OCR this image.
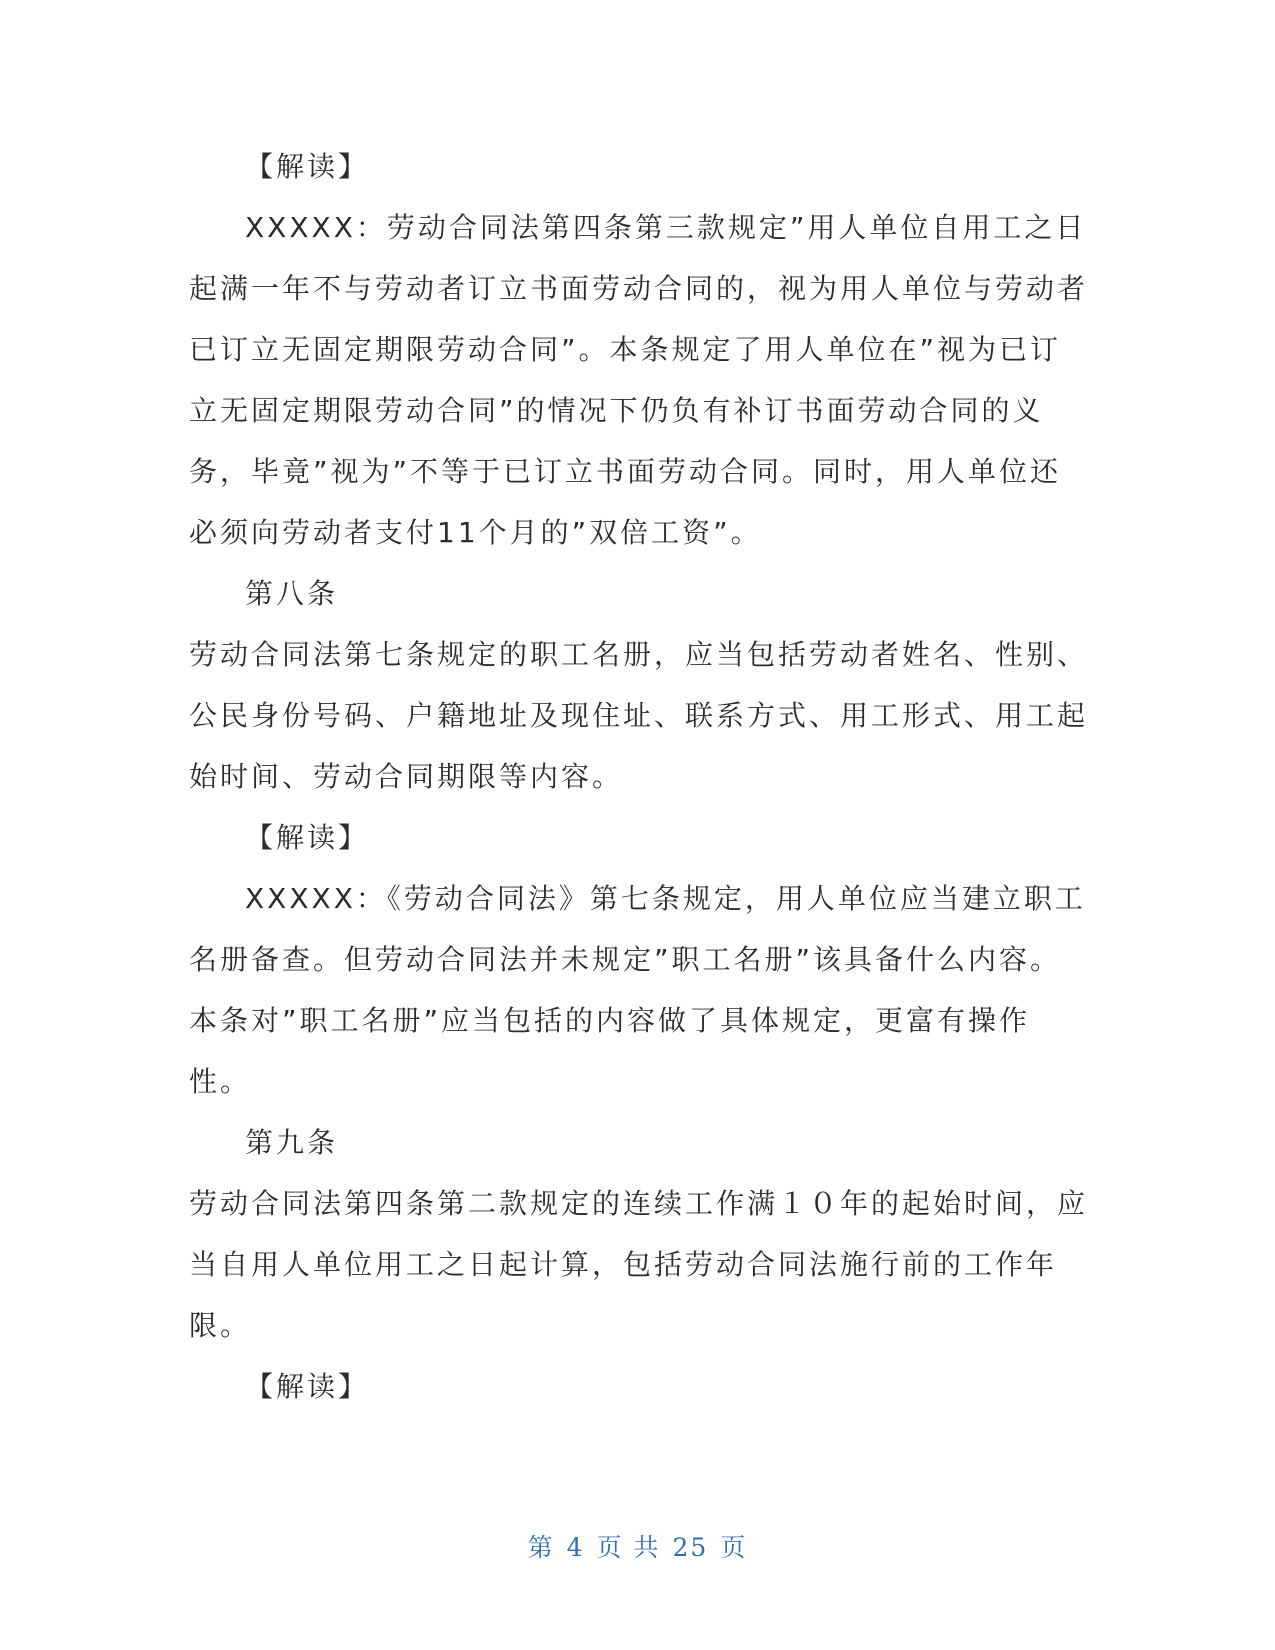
【解读】

XXXXX：劳动合同法第四条第三款规定”用人单位自用工之日起满一年不与劳动者订立书面劳动合同的，视为用人单位与劳动者已订立无固定期限劳动合同”。本条规定了用人单位在”视为已订立无固定期限劳动合同”的情况下仍负有补订书面劳动合同的义务，毕竟”视为”不等于已订立书面劳动合同。同时，用人单位还必须向劳动者支付11个月的”双倍工资”。

第八条

劳动合同法第七条规定的职工名册，应当包括劳动者姓名、性别、公民身份号码、户籍地址及现住址、联系方式、用工形式、用工起始时间、劳动合同期限等内容。

【解读】

XXXXX：《劳动合同法》第七条规定，用人单位应当建立职工名册备查。但劳动合同法并未规定”职工名册”该具备什么内容。本条对”职工名册”应当包括的内容做了具体规定，更富有操作性。

第九条

劳动合同法第四条第二款规定的连续工作满１０年的起始时间，应当自用人单位用工之日起计算，包括劳动合同法施行前的工作年限。

【解读】

第 4 页 共 25 页
